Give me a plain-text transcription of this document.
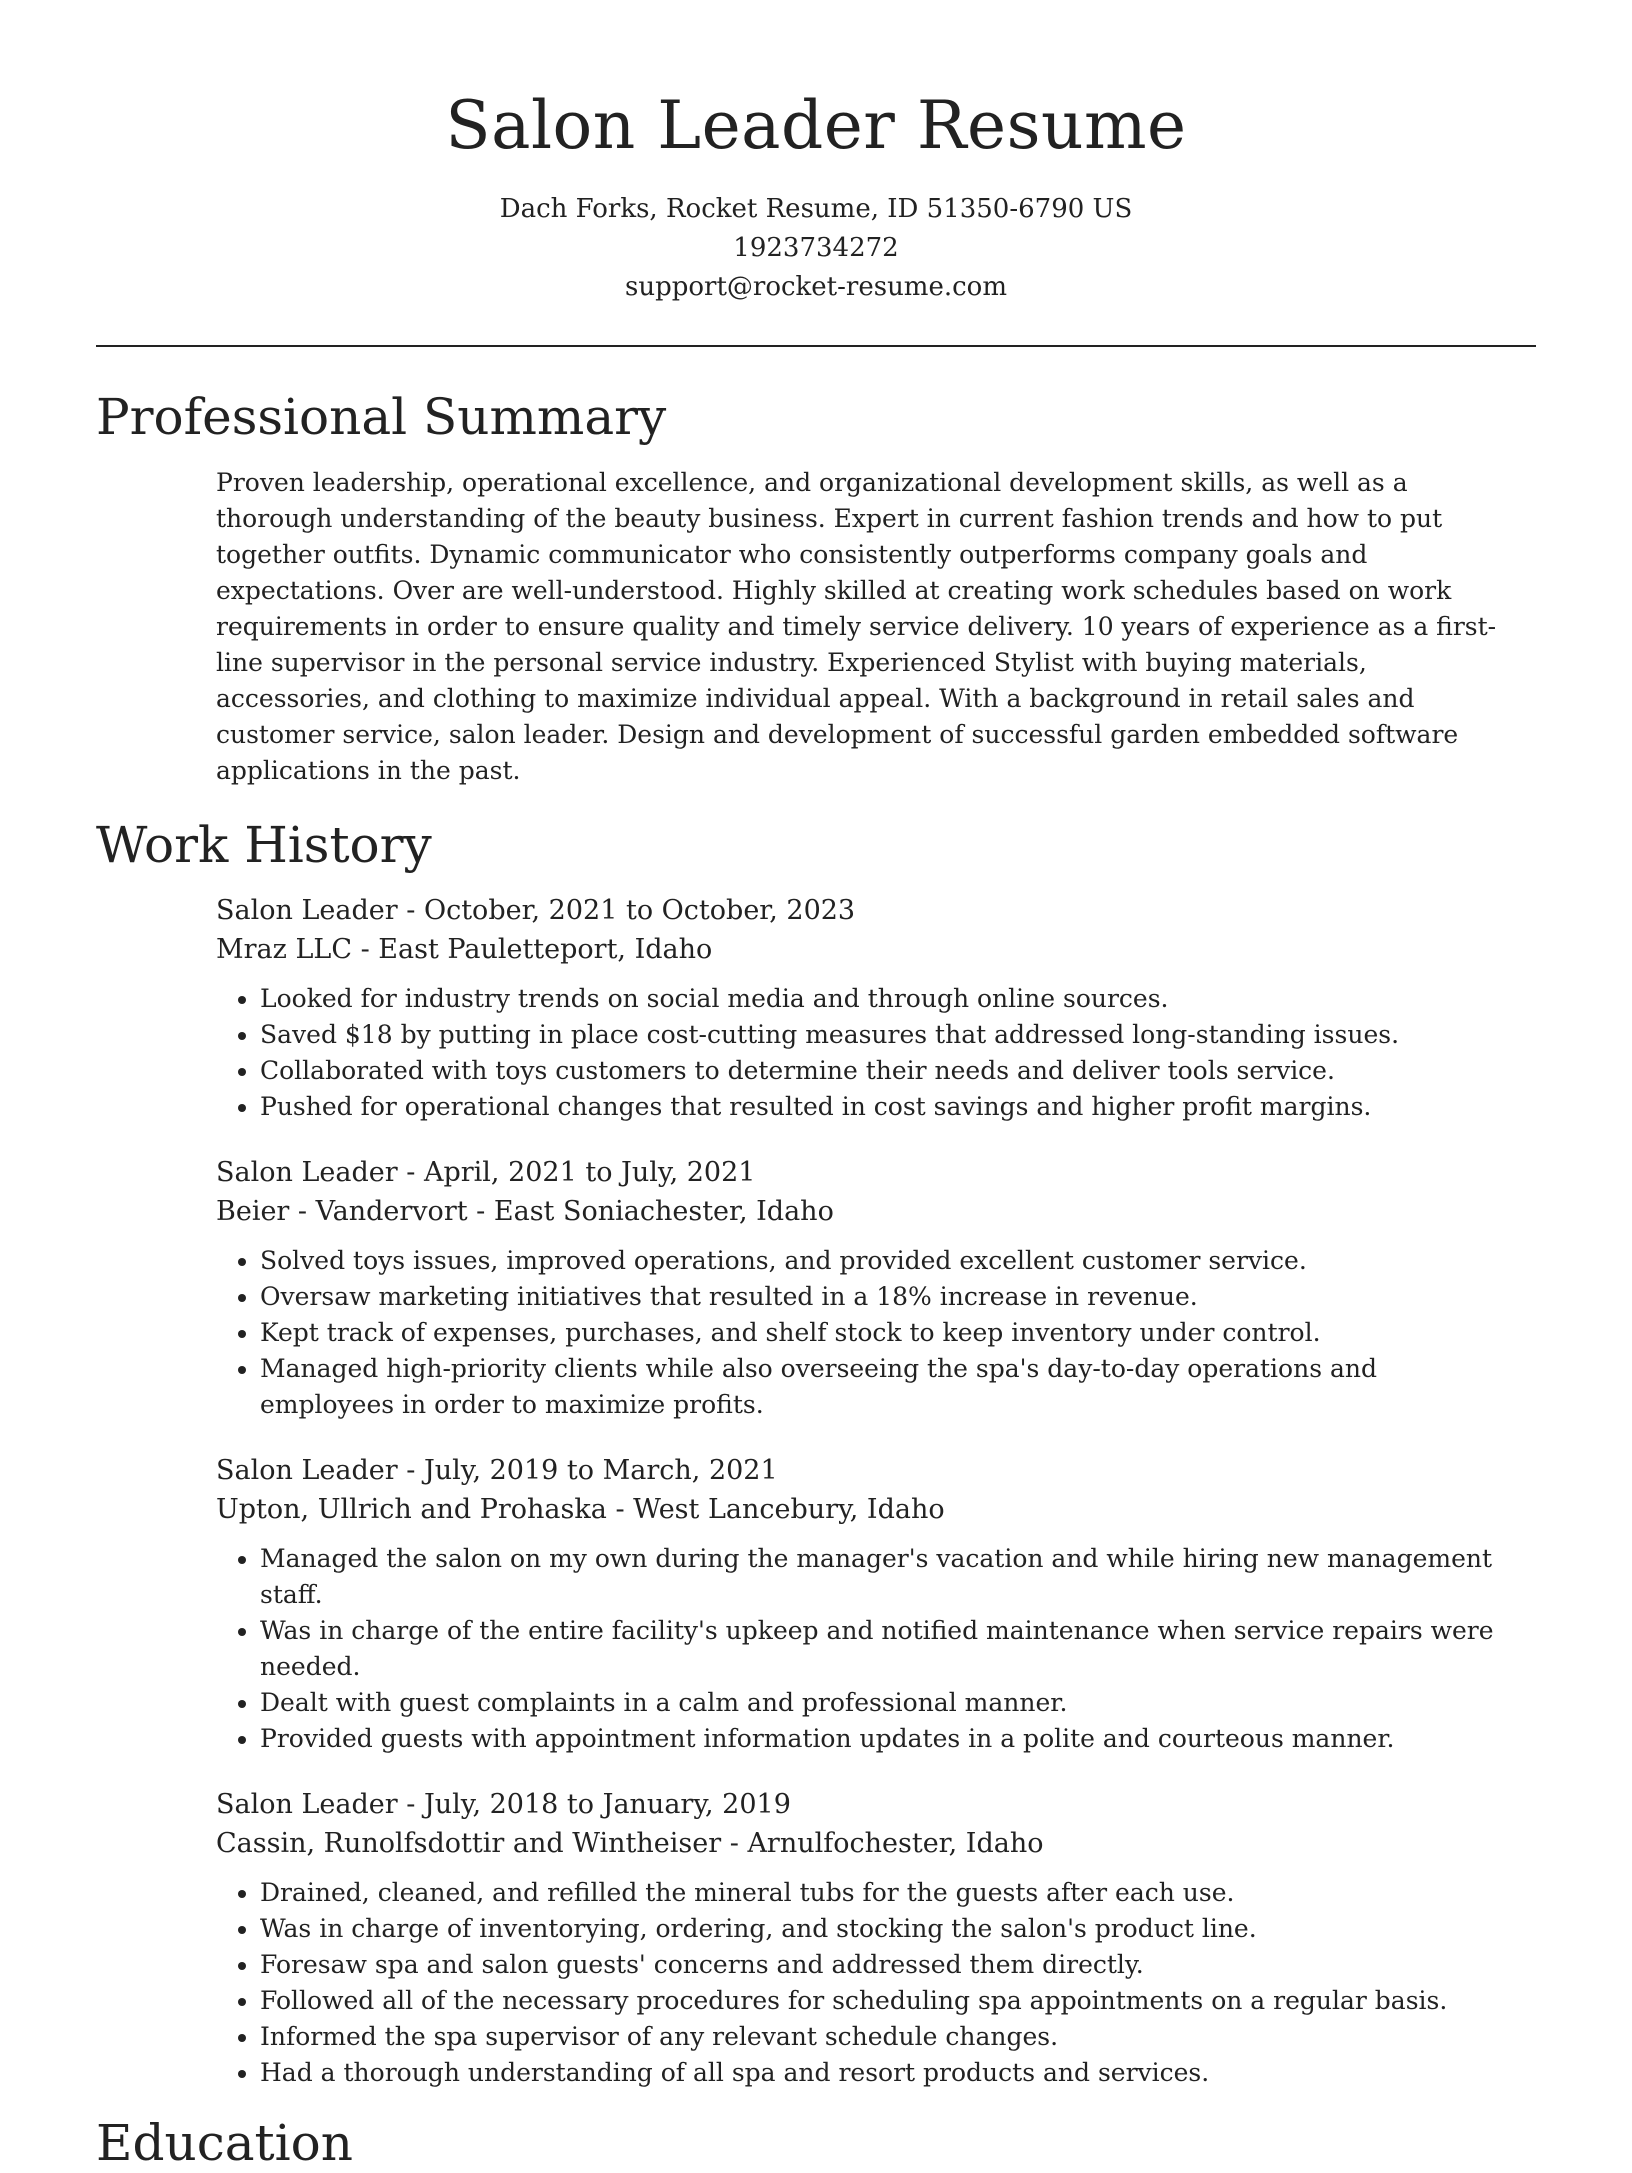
Salon Leader Resume
Dach Forks, Rocket Resume, ID 51350-6790 US
1923734272
support@rocket-resume.com
Professional Summary

Proven leadership, operational excellence, and organizational development skills, as well as a thorough understanding of the beauty business. Expert in current fashion trends and how to put together outfits. Dynamic communicator who consistently outperforms company goals and expectations. Over are well-understood. Highly skilled at creating work schedules based on work requirements in order to ensure quality and timely service delivery. 10 years of experience as a first-line supervisor in the personal service industry. Experienced Stylist with buying materials, accessories, and clothing to maximize individual appeal. With a background in retail sales and customer service, salon leader. Design and development of successful garden embedded software applications in the past.

Work History
Salon Leader - October, 2021 to October, 2023
Mraz LLC - East Pauletteport, Idaho
• Looked for industry trends on social media and through online sources.
• Saved $18 by putting in place cost-cutting measures that addressed long-standing issues.
• Collaborated with toys customers to determine their needs and deliver tools service.
• Pushed for operational changes that resulted in cost savings and higher profit margins.
Salon Leader - April, 2021 to July, 2021
Beier - Vandervort - East Soniachester, Idaho
• Solved toys issues, improved operations, and provided excellent customer service.
• Oversaw marketing initiatives that resulted in a 18% increase in revenue.
• Kept track of expenses, purchases, and shelf stock to keep inventory under control.
• Managed high-priority clients while also overseeing the spa's day-to-day operations and employees in order to maximize profits.
Salon Leader - July, 2019 to March, 2021
Upton, Ullrich and Prohaska - West Lancebury, Idaho
• Managed the salon on my own during the manager's vacation and while hiring new management staff.
• Was in charge of the entire facility's upkeep and notified maintenance when service repairs were needed.
• Dealt with guest complaints in a calm and professional manner.
• Provided guests with appointment information updates in a polite and courteous manner.
Salon Leader - July, 2018 to January, 2019
Cassin, Runolfsdottir and Wintheiser - Arnulfochester, Idaho
• Drained, cleaned, and refilled the mineral tubs for the guests after each use.
• Was in charge of inventorying, ordering, and stocking the salon's product line.
• Foresaw spa and salon guests' concerns and addressed them directly.
• Followed all of the necessary procedures for scheduling spa appointments on a regular basis.
• Informed the spa supervisor of any relevant schedule changes.
• Had a thorough understanding of all spa and resort products and services.
Education
